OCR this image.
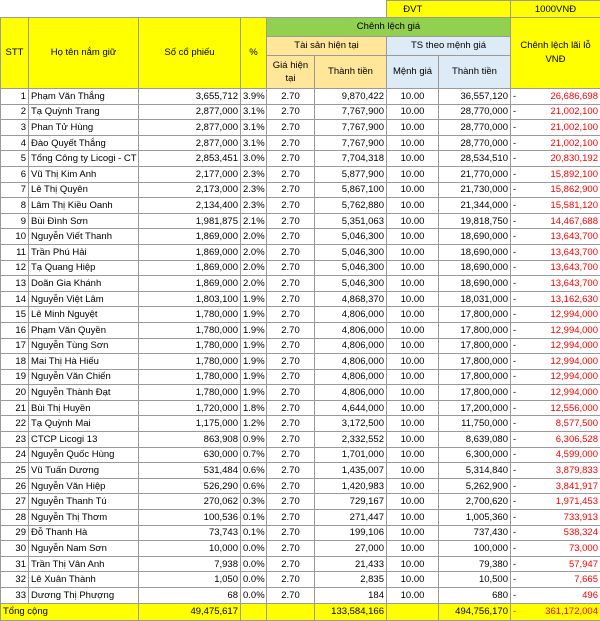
						ĐVT		1000VNĐ
STT	Họ tên nắm giữ	Số cổ phiếu	%	Chênh lệch giá				Chênh lệch lãi lỗ VNĐ
				Tài sản hiện tại		TS theo mệnh giá		
				Giá hiện tại	Thành tiền	Mệnh giá	Thành tiền	
1	Phạm Văn Thắng	3,655,712	3.9%	2.70	9,870,422	10.00	36,557,120	- 26,686,698
2	Tạ Quỳnh Trang	2,877,000	3.1%	2.70	7,767,900	10.00	28,770,000	- 21,002,100
3	Phan Tử Hùng	2,877,000	3.1%	2.70	7,767,900	10.00	28,770,000	- 21,002,100
4	Đào Quyết Thắng	2,877,000	3.1%	2.70	7,767,900	10.00	28,770,000	- 21,002,100
5	Tổng Công ty Licogi - CT	2,853,451	3.0%	2.70	7,704,318	10.00	28,534,510	- 20,830,192
6	Vũ Thị Kim Anh	2,177,000	2.3%	2.70	5,877,900	10.00	21,770,000	- 15,892,100
7	Lê Thị Quyên	2,173,000	2.3%	2.70	5,867,100	10.00	21,730,000	- 15,862,900
8	Lâm Thị Kiều Oanh	2,134,400	2.3%	2.70	5,762,880	10.00	21,344,000	- 15,581,120
9	Bùi Đình Sơn	1,981,875	2.1%	2.70	5,351,063	10.00	19,818,750	- 14,467,688
10	Nguyễn Viết Thanh	1,869,000	2.0%	2.70	5,046,300	10.00	18,690,000	- 13,643,700
11	Trần Phú Hải	1,869,000	2.0%	2.70	5,046,300	10.00	18,690,000	- 13,643,700
12	Tạ Quang Hiệp	1,869,000	2.0%	2.70	5,046,300	10.00	18,690,000	- 13,643,700
13	Doãn Gia Khánh	1,869,000	2.0%	2.70	5,046,300	10.00	18,690,000	- 13,643,700
14	Nguyễn Việt Lâm	1,803,100	1.9%	2.70	4,868,370	10.00	18,031,000	- 13,162,630
15	Lê Minh Nguyệt	1,780,000	1.9%	2.70	4,806,000	10.00	17,800,000	- 12,994,000
16	Phạm Văn Quyền	1,780,000	1.9%	2.70	4,806,000	10.00	17,800,000	- 12,994,000
17	Nguyễn Tùng Sơn	1,780,000	1.9%	2.70	4,806,000	10.00	17,800,000	- 12,994,000
18	Mai Thị Hà Hiếu	1,780,000	1.9%	2.70	4,806,000	10.00	17,800,000	- 12,994,000
19	Nguyễn Văn Chiến	1,780,000	1.9%	2.70	4,806,000	10.00	17,800,000	- 12,994,000
20	Nguyễn Thành Đạt	1,780,000	1.9%	2.70	4,806,000	10.00	17,800,000	- 12,994,000
21	Bùi Thị Huyền	1,720,000	1.8%	2.70	4,644,000	10.00	17,200,000	- 12,556,000
22	Tạ Quỳnh Mai	1,175,000	1.2%	2.70	3,172,500	10.00	11,750,000	- 8,577,500
23	CTCP Licogi 13	863,908	0.9%	2.70	2,332,552	10.00	8,639,080	- 6,306,528
24	Nguyễn Quốc Hùng	630,000	0.7%	2.70	1,701,000	10.00	6,300,000	- 4,599,000
25	Vũ Tuấn Dương	531,484	0.6%	2.70	1,435,007	10.00	5,314,840	- 3,879,833
26	Nguyễn Văn Hiệp	526,290	0.6%	2.70	1,420,983	10.00	5,262,900	- 3,841,917
27	Nguyễn Thanh Tú	270,062	0.3%	2.70	729,167	10.00	2,700,620	- 1,971,453
28	Nguyễn Thị Thơm	100,536	0.1%	2.70	271,447	10.00	1,005,360	- 733,913
29	Đỗ Thanh Hà	73,743	0.1%	2.70	199,106	10.00	737,430	- 538,324
30	Nguyễn Nam Sơn	10,000	0.0%	2.70	27,000	10.00	100,000	- 73,000
31	Trần Thị Vân Anh	7,938	0.0%	2.70	21,433	10.00	79,380	- 57,947
32	Lê Xuân Thành	1,050	0.0%	2.70	2,835	10.00	10,500	- 7,665
33	Dương Thị Phượng	68	0.0%	2.70	184	10.00	680	- 496
Tổng cộng		49,475,617			133,584,166		494,756,170	- 361,172,004
